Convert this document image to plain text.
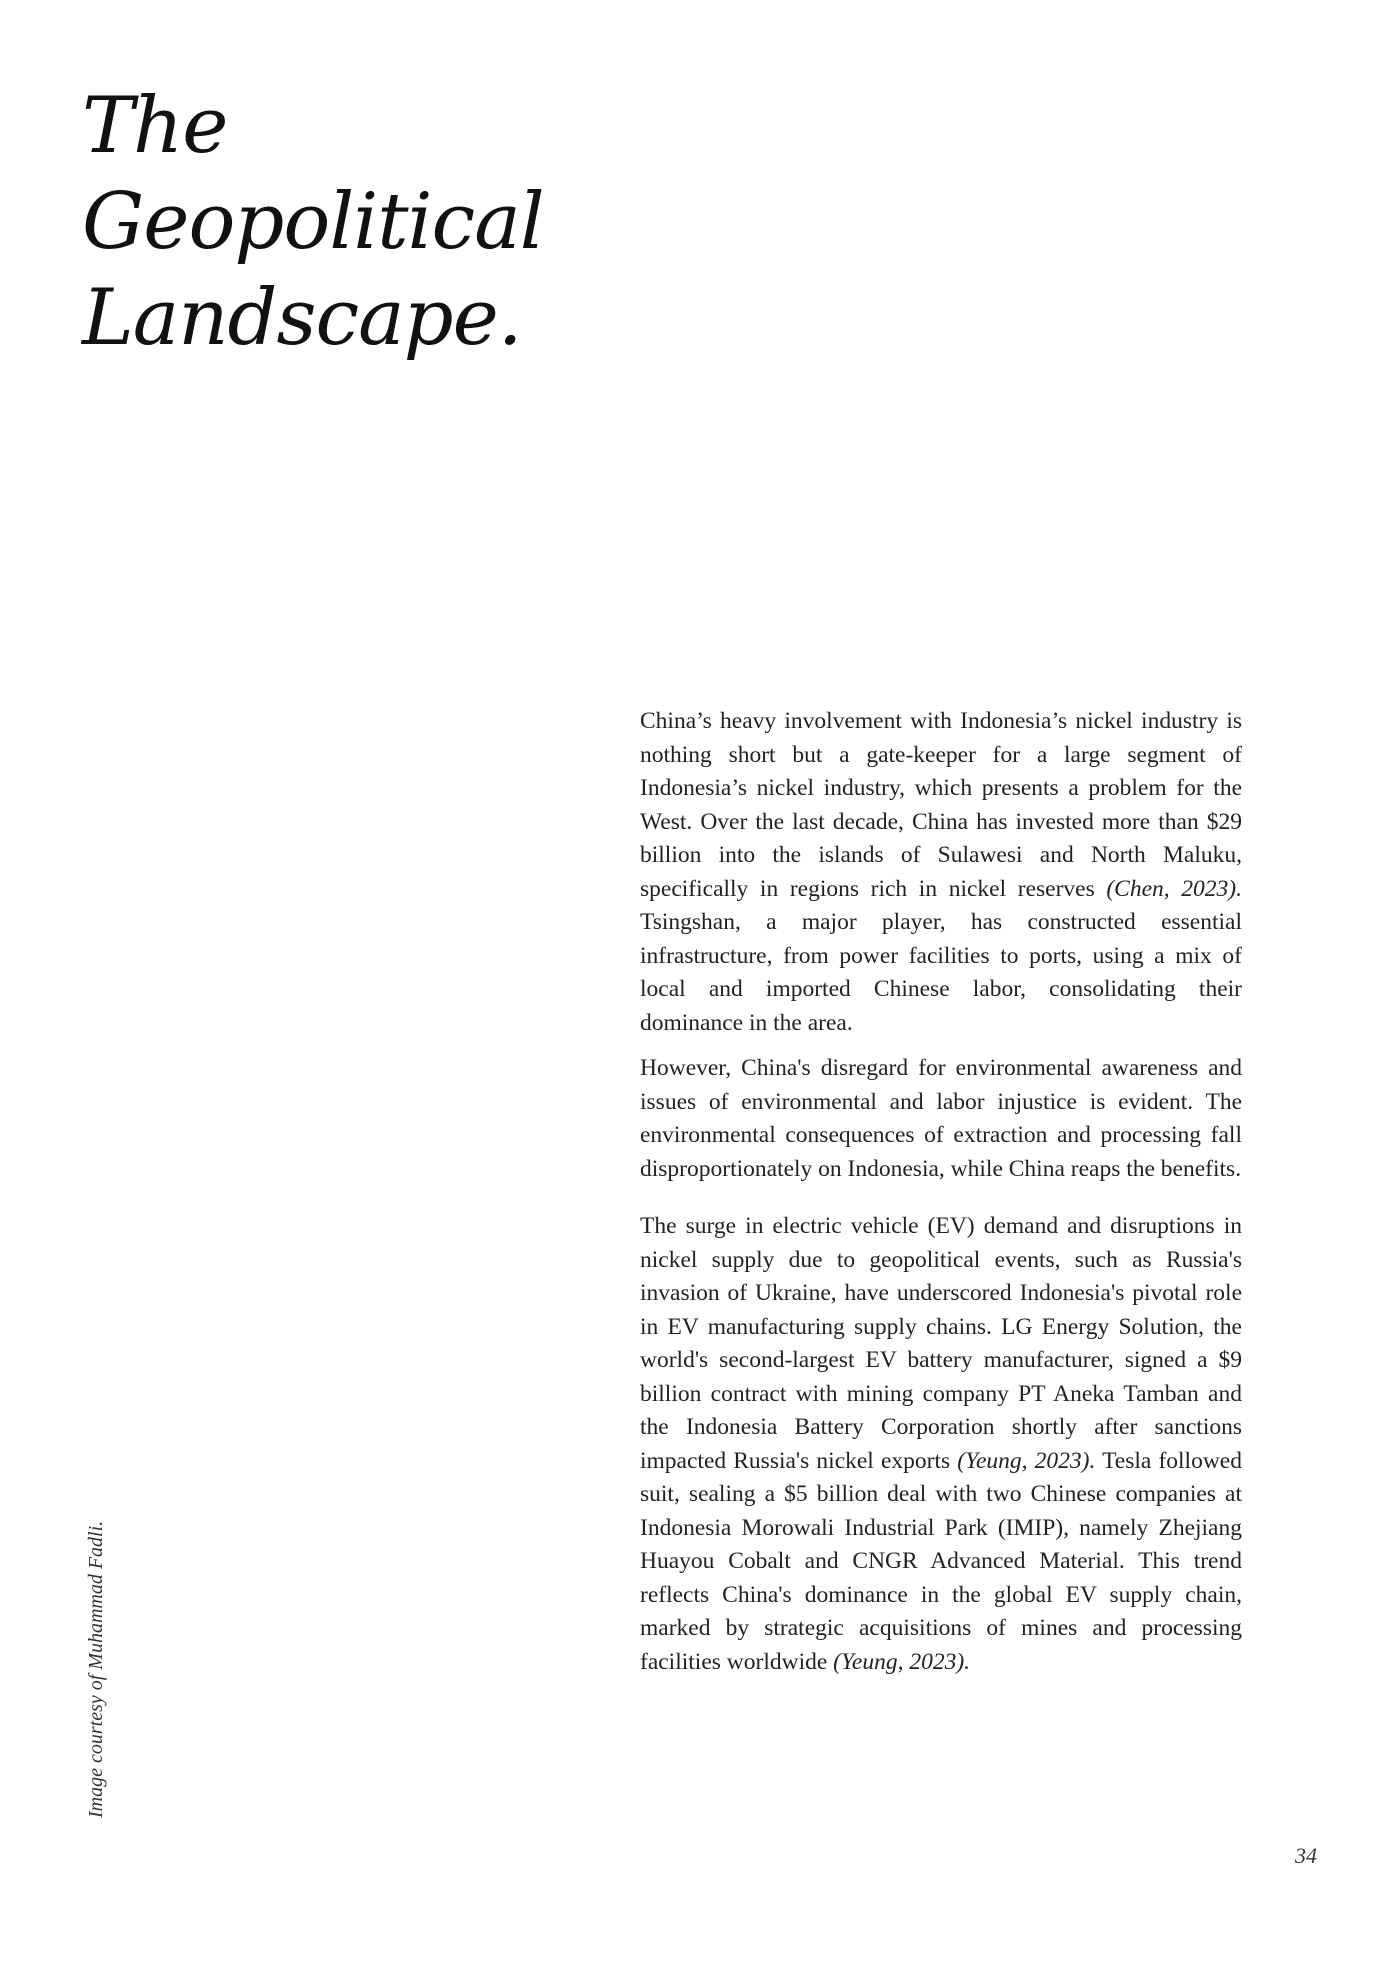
The
Geopolitical
Landscape.

China’s heavy involvement with Indonesia’s nickel industry is nothing short but a gate-keeper for a large segment of Indonesia’s nickel industry, which presents a problem for the West. Over the last decade, China has invested more than $29 billion into the islands of Sulawesi and North Maluku, specifically in regions rich in nickel reserves (Chen, 2023). Tsingshan, a major player, has constructed essential infrastructure, from power facilities to ports, using a mix of local and imported Chinese labor, consolidating their dominance in the area.

However, China's disregard for environmental awareness and issues of environmental and labor injustice is evident. The environmental consequences of extraction and processing fall disproportionately on Indonesia, while China reaps the benefits.

The surge in electric vehicle (EV) demand and disruptions in nickel supply due to geopolitical events, such as Russia's invasion of Ukraine, have underscored Indonesia's pivotal role in EV manufacturing supply chains. LG Energy Solution, the world's second-largest EV battery manufacturer, signed a $9 billion contract with mining company PT Aneka Tamban and the Indonesia Battery Corporation shortly after sanctions impacted Russia's nickel exports (Yeung, 2023). Tesla followed suit, sealing a $5 billion deal with two Chinese companies at Indonesia Morowali Industrial Park (IMIP), namely Zhejiang Huayou Cobalt and CNGR Advanced Material. This trend reflects China's dominance in the global EV supply chain, marked by strategic acquisitions of mines and processing facilities worldwide (Yeung, 2023).

Image courtesy of Muhammad Fadli.
34
